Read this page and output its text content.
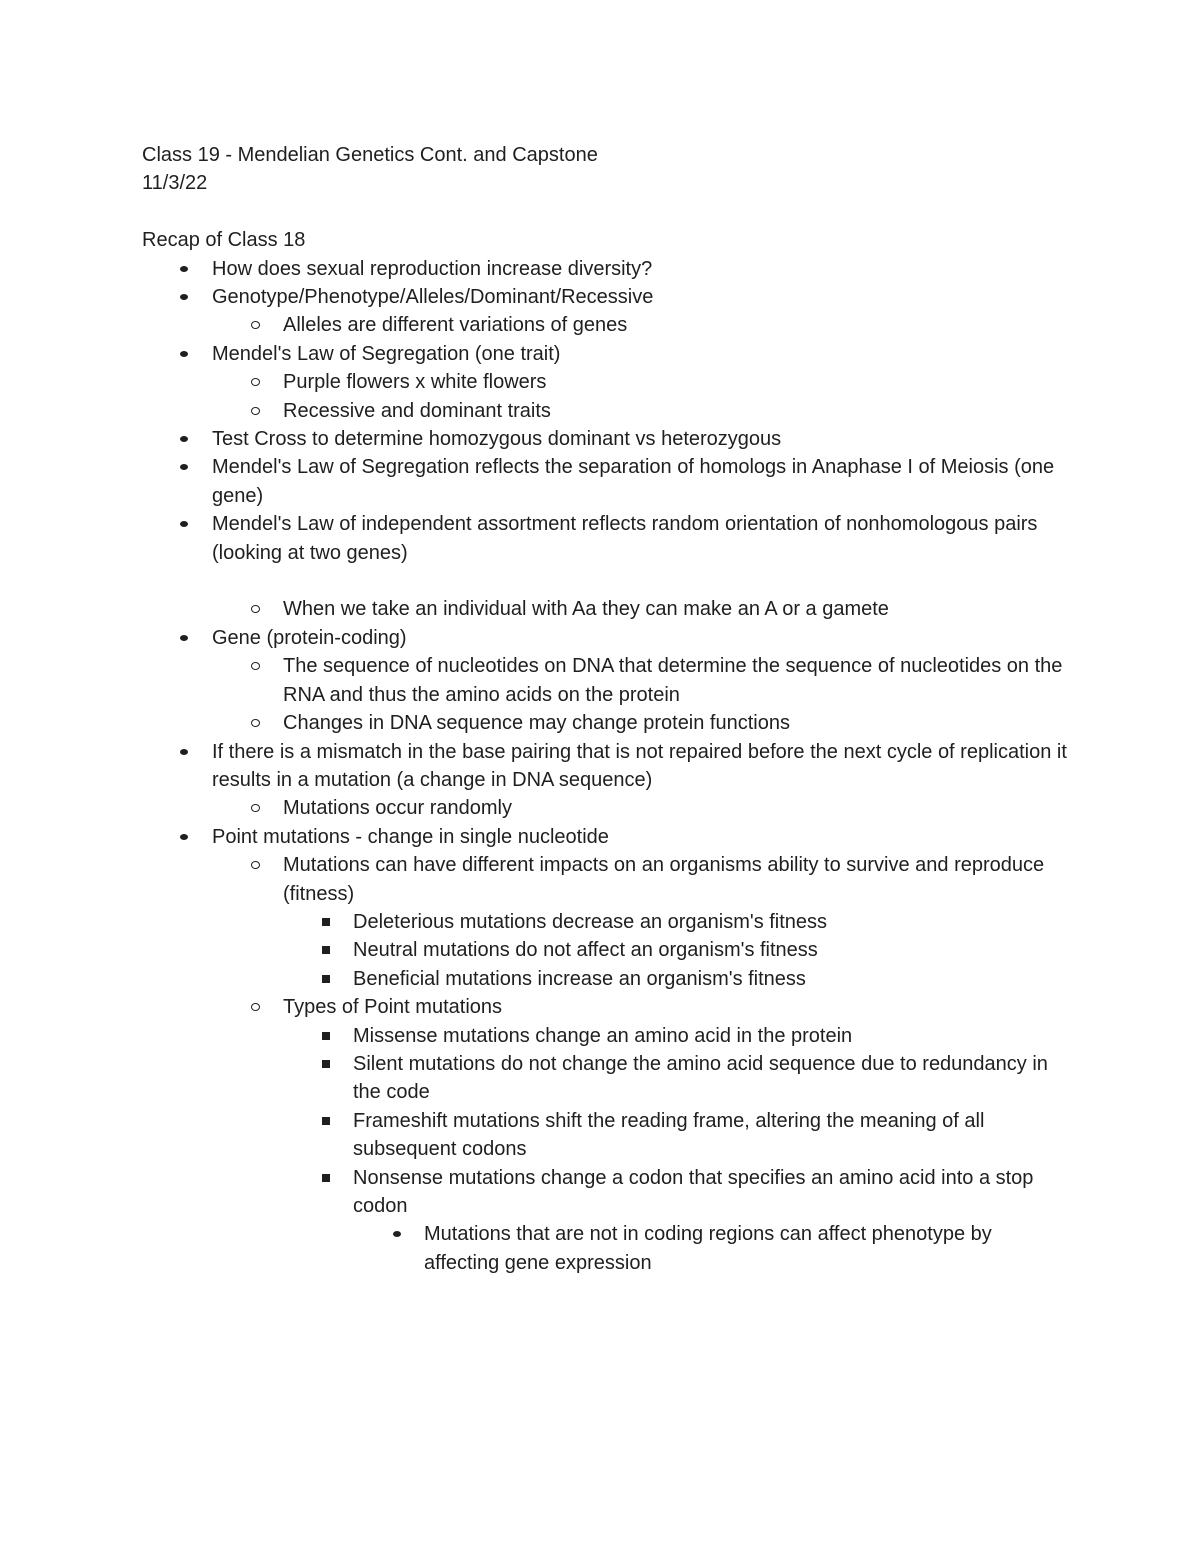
Class 19 - Mendelian Genetics Cont. and Capstone
11/3/22
Recap of Class 18
How does sexual reproduction increase diversity?
Genotype/Phenotype/Alleles/Dominant/Recessive
Alleles are different variations of genes
Mendel's Law of Segregation (one trait)
Purple flowers x white flowers
Recessive and dominant traits
Test Cross to determine homozygous dominant vs heterozygous
Mendel's Law of Segregation reflects the separation of homologs in Anaphase I of Meiosis (one gene)
Mendel's Law of independent assortment reflects random orientation of nonhomologous pairs (looking at two genes)
When we take an individual with Aa they can make an A or a gamete
Gene (protein-coding)
The sequence of nucleotides on DNA that determine the sequence of nucleotides on the RNA and thus the amino acids on the protein
Changes in DNA sequence may change protein functions
If there is a mismatch in the base pairing that is not repaired before the next cycle of replication it results in a mutation (a change in DNA sequence)
Mutations occur randomly
Point mutations - change in single nucleotide
Mutations can have different impacts on an organisms ability to survive and reproduce (fitness)
Deleterious mutations decrease an organism's fitness
Neutral mutations do not affect an organism's fitness
Beneficial mutations increase an organism's fitness
Types of Point mutations
Missense mutations change an amino acid in the protein
Silent mutations do not change the amino acid sequence due to redundancy in the code
Frameshift mutations shift the reading frame, altering the meaning of all subsequent codons
Nonsense mutations change a codon that specifies an amino acid into a stop codon
Mutations that are not in coding regions can affect phenotype by affecting gene expression
